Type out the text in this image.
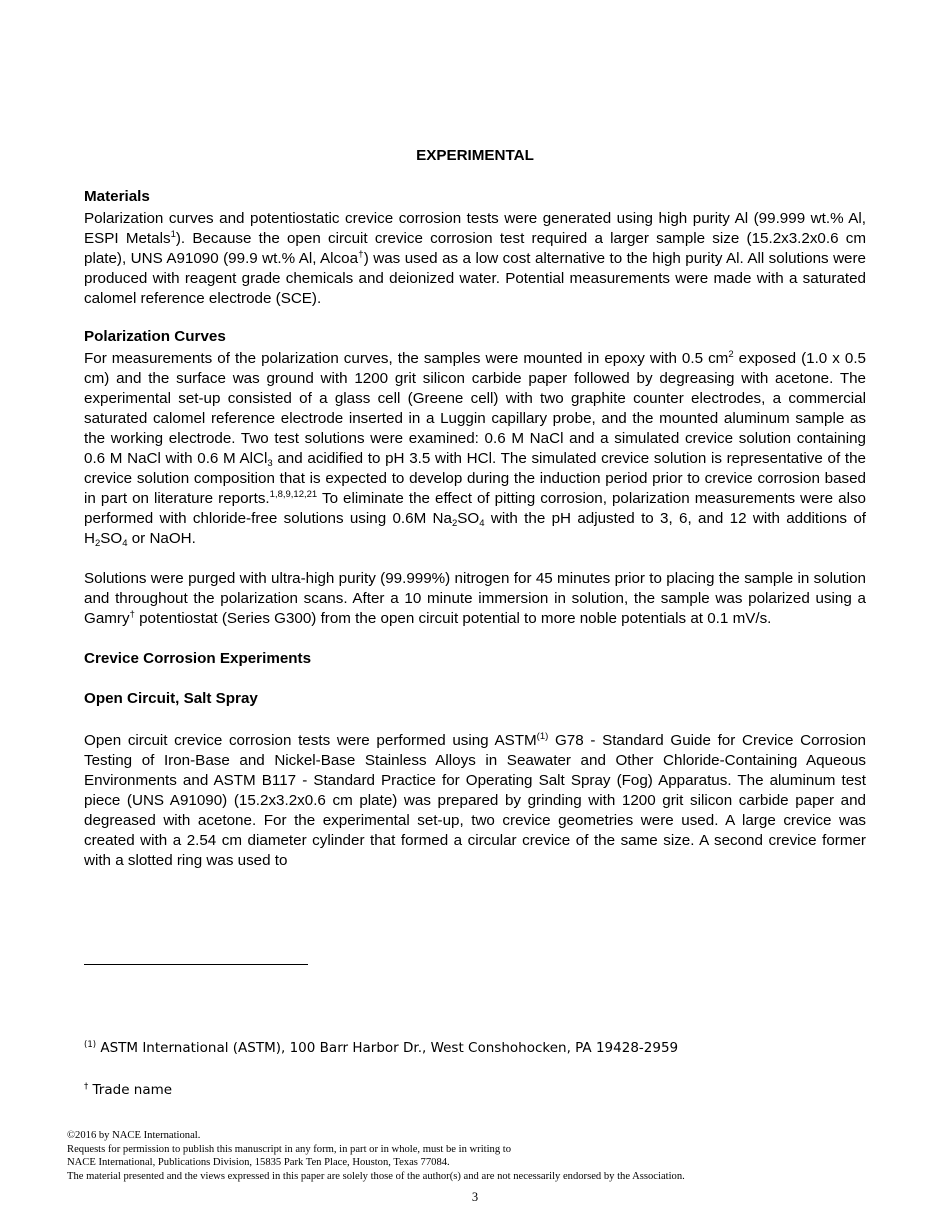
EXPERIMENTAL
Materials

Polarization curves and potentiostatic crevice corrosion tests were generated using high purity Al (99.999 wt.% Al, ESPI Metals$^1$). Because the open circuit crevice corrosion test required a larger sample size (15.2x3.2x0.6 cm plate), UNS A91090 (99.9 wt.% Al, Alcoa†) was used as a low cost alternative to the high purity Al. All solutions were produced with reagent grade chemicals and deionized water. Potential measurements were made with a saturated calomel reference electrode (SCE).

Polarization Curves

For measurements of the polarization curves, the samples were mounted in epoxy with 0.5 $cm^2$ exposed (1.0 x 0.5 cm) and the surface was ground with 1200 grit silicon carbide paper followed by degreasing with acetone. The experimental set-up consisted of a glass cell (Greene cell) with two graphite counter electrodes, a commercial saturated calomel reference electrode inserted in a Luggin capillary probe, and the mounted aluminum sample as the working electrode. Two test solutions were examined: 0.6 M NaCl and a simulated crevice solution containing 0.6 M NaCl with 0.6 M AlCl$_3$ and acidified to pH 3.5 with HCl. The simulated crevice solution is representative of the crevice solution composition that is expected to develop during the induction period prior to crevice corrosion based in part on literature reports.$^{1,8,9,12,21}$ To eliminate the effect of pitting corrosion, polarization measurements were also performed with chloride-free solutions using 0.6M $Na_2SO_4$ with the pH adjusted to 3, 6, and 12 with additions of $H_2SO_4$ or NaOH.

Solutions were purged with ultra-high purity (99.999%) nitrogen for 45 minutes prior to placing the sample in solution and throughout the polarization scans. After a 10 minute immersion in solution, the sample was polarized using a Gamry† potentiostat (Series G300) from the open circuit potential to more noble potentials at 0.1 mV/s.

Crevice Corrosion Experiments
Open Circuit, Salt Spray

Open circuit crevice corrosion tests were performed using ASTM$^{(1)}$ G78 - Standard Guide for Crevice Corrosion Testing of Iron-Base and Nickel-Base Stainless Alloys in Seawater and Other Chloride-Containing Aqueous Environments and ASTM B117 - Standard Practice for Operating Salt Spray (Fog) Apparatus. The aluminum test piece (UNS A91090) (15.2x3.2x0.6 cm plate) was prepared by grinding with 1200 grit silicon carbide paper and degreased with acetone. For the experimental set-up, two crevice geometries were used. A large crevice was created with a 2.54 cm diameter cylinder that formed a circular crevice of the same size. A second crevice former with a slotted ring was used to

$^{(1)}$ ASTM International (ASTM), 100 Barr Harbor Dr., West Conshohocken, PA 19428-2959
† Trade name
©2016 by NACE International.
Requests for permission to publish this manuscript in any form, in part or in whole, must be in writing to
NACE International, Publications Division, 15835 Park Ten Place, Houston, Texas 77084.
The material presented and the views expressed in this paper are solely those of the author(s) and are not necessarily endorsed by the Association.
3
